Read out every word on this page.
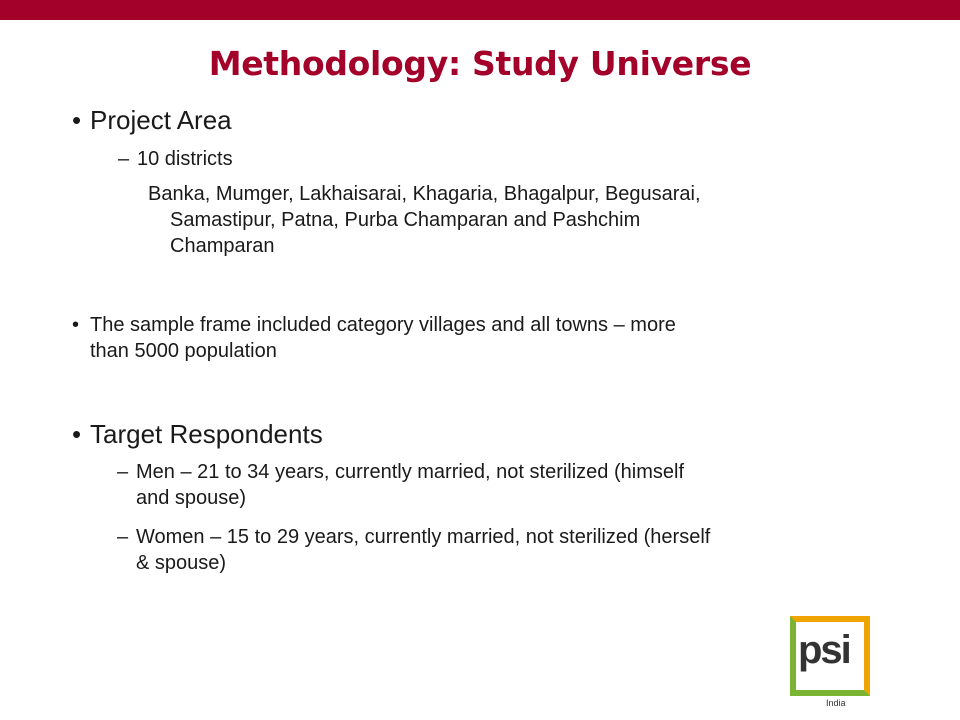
Methodology: Study Universe
• Project Area
– 10 districts
Banka, Mumger, Lakhaisarai, Khagaria, Bhagalpur, Begusarai,
Samastipur, Patna, Purba Champaran and Pashchim
Champaran
• The sample frame included category villages and all towns – more
than 5000 population
• Target Respondents
– Men – 21 to 34 years, currently married, not sterilized (himself
and spouse)
– Women – 15 to 29 years, currently married, not sterilized (herself
& spouse)
psi
India
